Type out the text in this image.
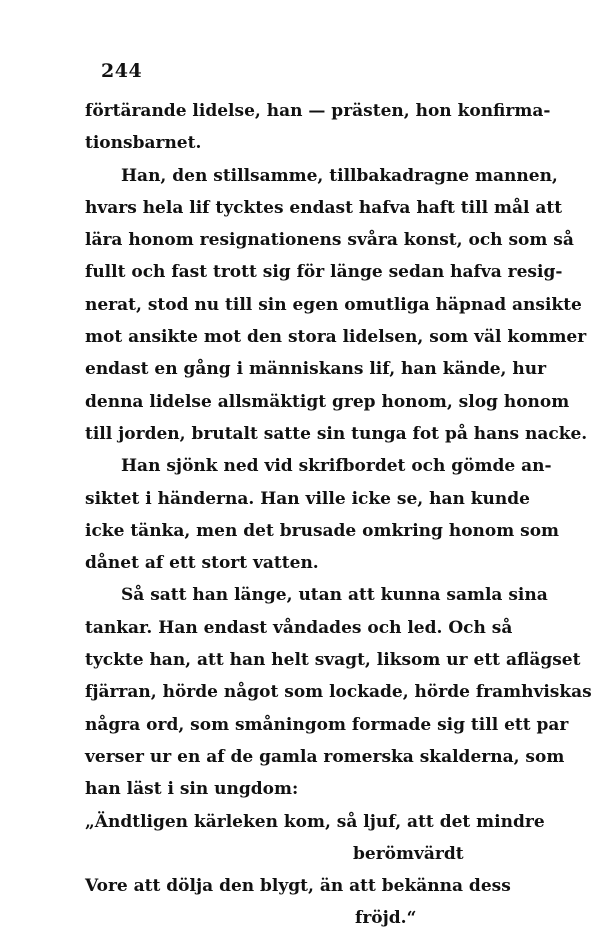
244
förtärande lidelse, han — prästen, hon konfirma-
tionsbarnet.
Han, den stillsamme, tillbakadragne mannen,
hvars hela lif tycktes endast hafva haft till mål att
lära honom resignationens svåra konst, och som så
fullt och fast trott sig för länge sedan hafva resig-
nerat, stod nu till sin egen omutliga häpnad ansikte
mot ansikte mot den stora lidelsen, som väl kommer
endast en gång i människans lif, han kände, hur
denna lidelse allsmäktigt grep honom, slog honom
till jorden, brutalt satte sin tunga fot på hans nacke.
Han sjönk ned vid skrifbordet och gömde an-
siktet i händerna. Han ville icke se, han kunde
icke tänka, men det brusade omkring honom som
dånet af ett stort vatten.
Så satt han länge, utan att kunna samla sina
tankar. Han endast våndades och led. Och så
tyckte han, att han helt svagt, liksom ur ett aflägset
fjärran, hörde något som lockade, hörde framhviskas
några ord, som småningom formade sig till ett par
verser ur en af de gamla romerska skalderna, som
han läst i sin ungdom:
„Ändtligen kärleken kom, så ljuf, att det mindre
berömvärdt
Vore att dölja den blygt, än att bekänna dess
fröjd.“
